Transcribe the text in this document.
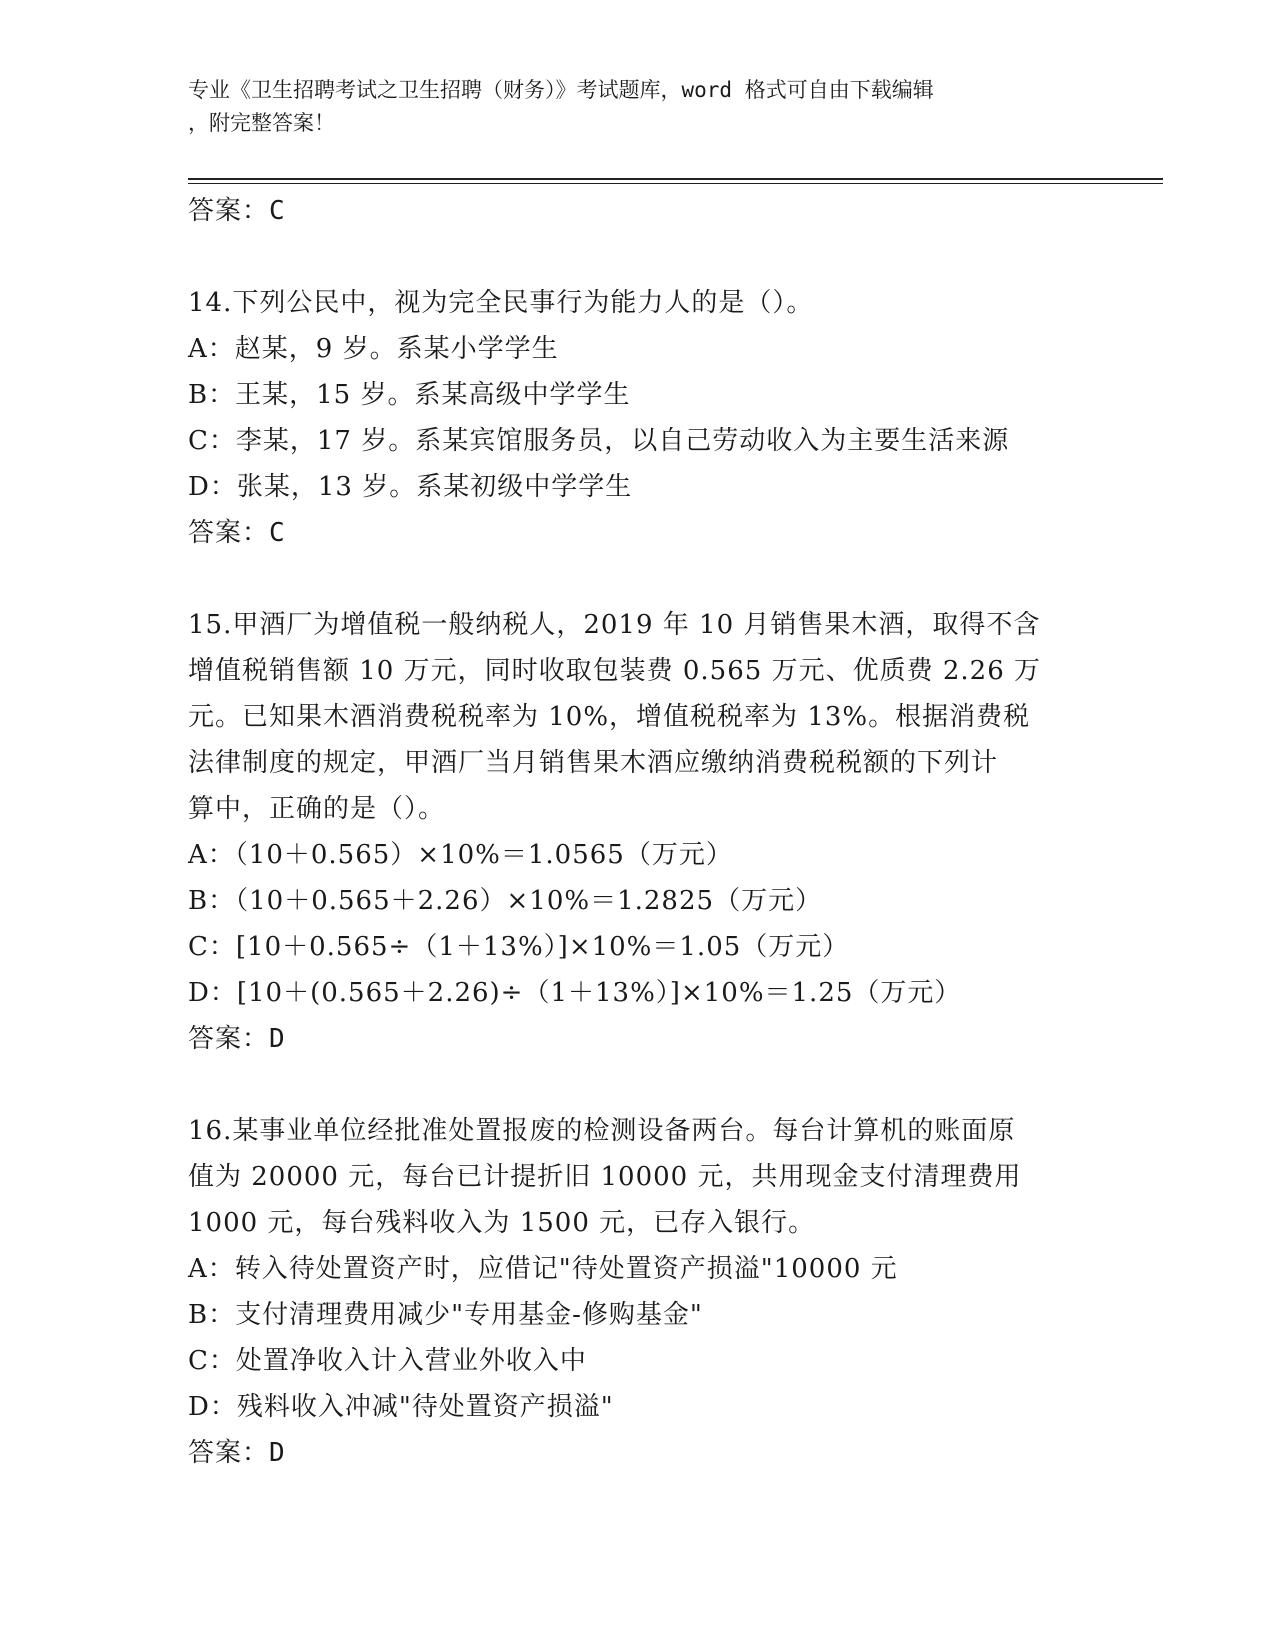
专业《卫生招聘考试之卫生招聘（财务）》考试题库，word 格式可自由下载编辑
，附完整答案！
答案：C
14.下列公民中，视为完全民事行为能力人的是（）。
A：赵某，9 岁。系某小学学生
B：王某，15 岁。系某高级中学学生
C：李某，17 岁。系某宾馆服务员，以自己劳动收入为主要生活来源
D：张某，13 岁。系某初级中学学生
答案：C
15.甲酒厂为增值税一般纳税人，2019 年 10 月销售果木酒，取得不含
增值税销售额 10 万元，同时收取包装费 0.565 万元、优质费 2.26 万
元。已知果木酒消费税税率为 10%，增值税税率为 13%。根据消费税
法律制度的规定，甲酒厂当月销售果木酒应缴纳消费税税额的下列计
算中，正确的是（）。
A：（10＋0.565）×10%＝1.0565（万元）
B：（10＋0.565＋2.26）×10%＝1.2825（万元）
C：[10＋0.565÷（1＋13%）]×10%＝1.05（万元）
D：[10＋(0.565＋2.26)÷（1＋13%）]×10%＝1.25（万元）
答案：D
16.某事业单位经批准处置报废的检测设备两台。每台计算机的账面原
值为 20000 元，每台已计提折旧 10000 元，共用现金支付清理费用
1000 元，每台残料收入为 1500 元，已存入银行。
A：转入待处置资产时，应借记"待处置资产损溢"10000 元
B：支付清理费用减少"专用基金-修购基金"
C：处置净收入计入营业外收入中
D：残料收入冲减"待处置资产损溢"
答案：D
